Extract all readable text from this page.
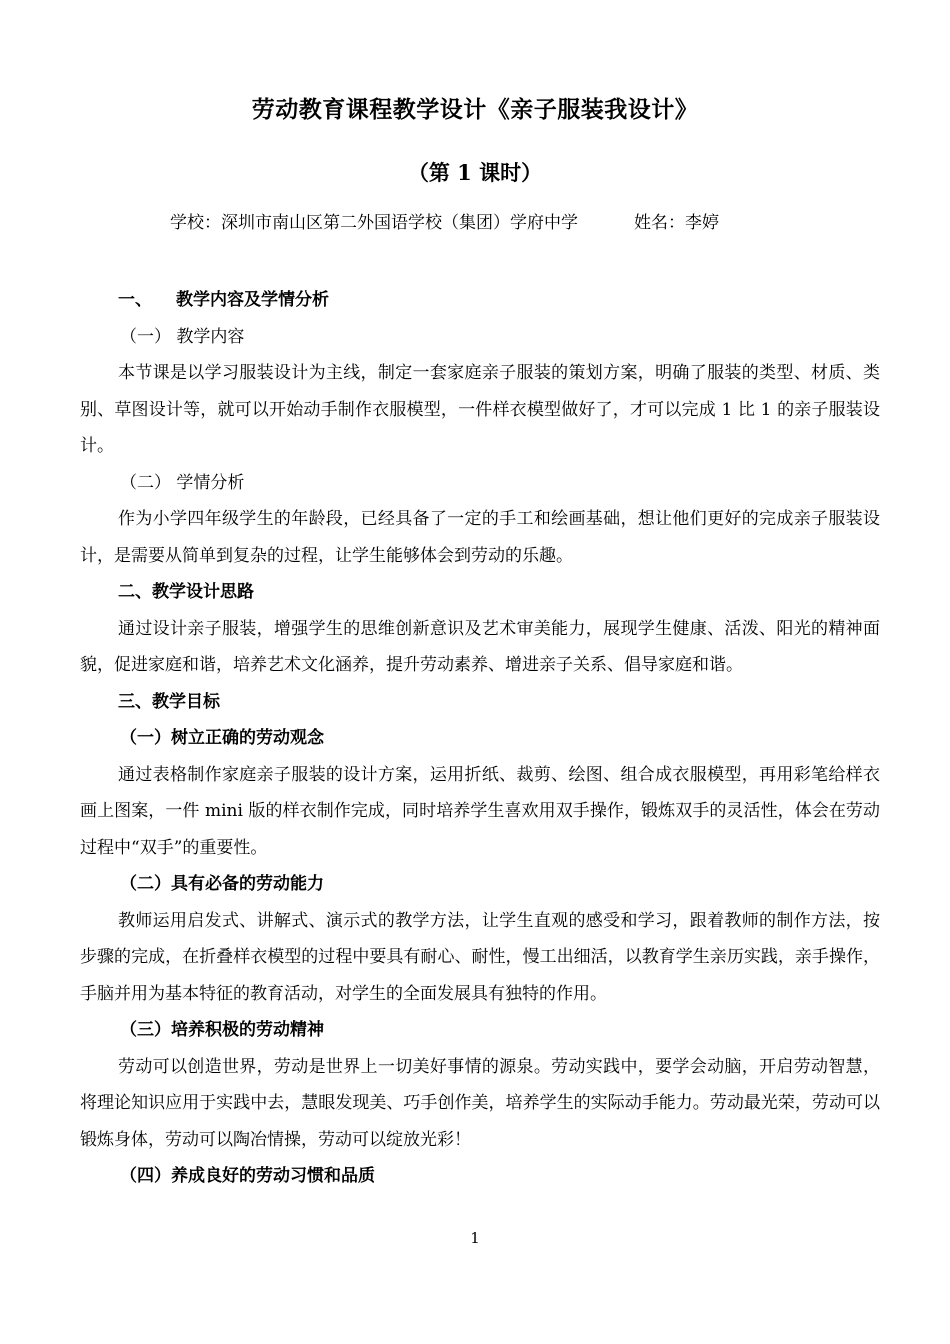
劳动教育课程教学设计《亲子服装我设计》
（第 1 课时）
学校：深圳市南山区第二外国语学校（集团）学府中学	姓名：李婷
一、 教学内容及学情分析
（一） 教学内容

本节课是以学习服装设计为主线，制定一套家庭亲子服装的策划方案，明确了服装的类型、材质、类别、草图设计等，就可以开始动手制作衣服模型，一件样衣模型做好了，才可以完成 1 比 1 的亲子服装设计。

（二） 学情分析

作为小学四年级学生的年龄段，已经具备了一定的手工和绘画基础，想让他们更好的完成亲子服装设计，是需要从简单到复杂的过程，让学生能够体会到劳动的乐趣。

二、教学设计思路

通过设计亲子服装，增强学生的思维创新意识及艺术审美能力，展现学生健康、活泼、阳光的精神面貌，促进家庭和谐，培养艺术文化涵养，提升劳动素养、增进亲子关系、倡导家庭和谐。

三、教学目标
（一）树立正确的劳动观念

通过表格制作家庭亲子服装的设计方案，运用折纸、裁剪、绘图、组合成衣服模型，再用彩笔给样衣画上图案，一件 mini 版的样衣制作完成，同时培养学生喜欢用双手操作，锻炼双手的灵活性，体会在劳动过程中“双手”的重要性。

（二）具有必备的劳动能力

教师运用启发式、讲解式、演示式的教学方法，让学生直观的感受和学习，跟着教师的制作方法，按步骤的完成，在折叠样衣模型的过程中要具有耐心、耐性，慢工出细活，以教育学生亲历实践，亲手操作，手脑并用为基本特征的教育活动，对学生的全面发展具有独特的作用。

（三）培养积极的劳动精神

劳动可以创造世界，劳动是世界上一切美好事情的源泉。劳动实践中，要学会动脑，开启劳动智慧，将理论知识应用于实践中去，慧眼发现美、巧手创作美，培养学生的实际动手能力。劳动最光荣，劳动可以锻炼身体，劳动可以陶冶情操，劳动可以绽放光彩！

（四）养成良好的劳动习惯和品质
1
